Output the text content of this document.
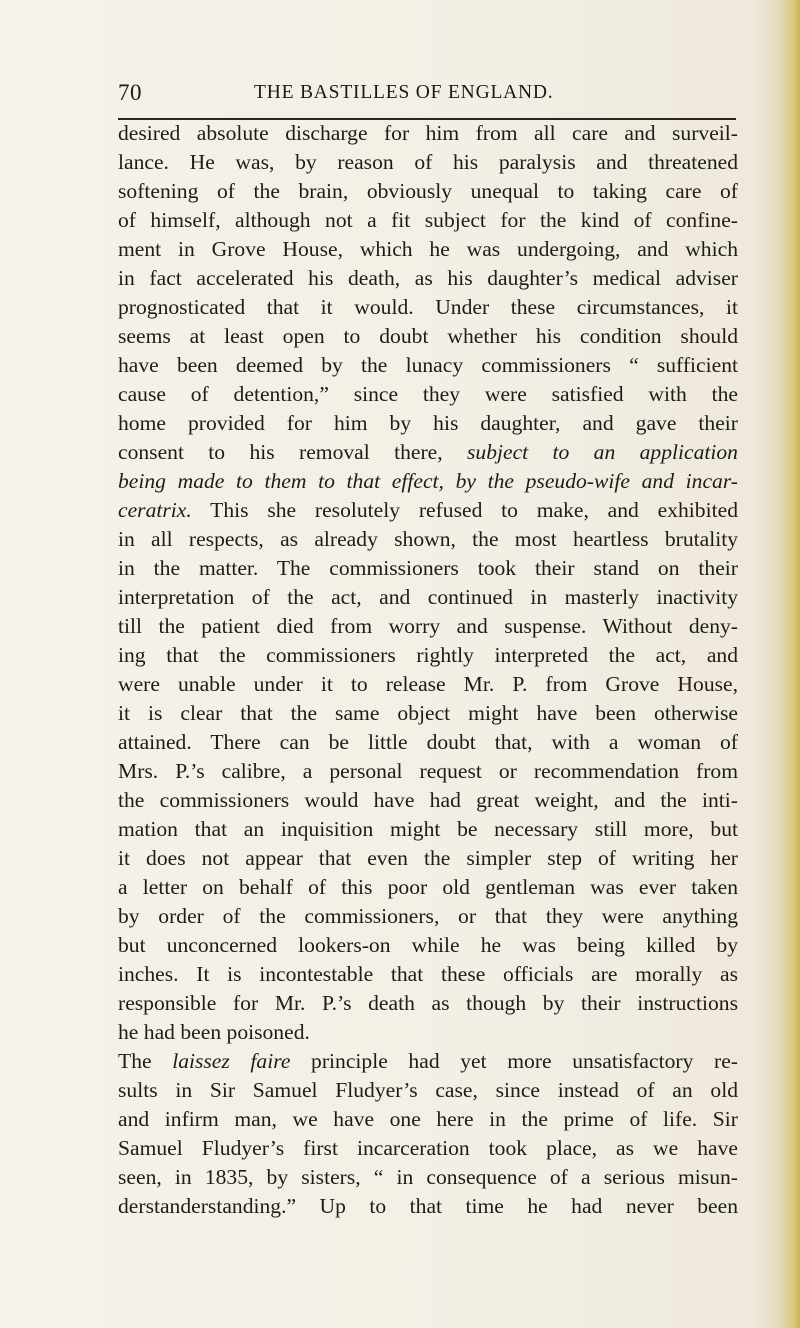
70	THE BASTILLES OF ENGLAND.
desired absolute discharge for him from all care and surveil-
lance. He was, by reason of his paralysis and threatened
softening of the brain, obviously unequal to taking care of
of himself, although not a fit subject for the kind of confine-
ment in Grove House, which he was undergoing, and which
in fact accelerated his death, as his daughter’s medical adviser
prognosticated that it would. Under these circumstances, it
seems at least open to doubt whether his condition should
have been deemed by the lunacy commissioners “ sufficient
cause of detention,” since they were satisfied with the
home provided for him by his daughter, and gave their
consent to his removal there, subject to an application
being made to them to that effect, by the pseudo-wife and incar-
ceratrix. This she resolutely refused to make, and exhibited
in all respects, as already shown, the most heartless brutality
in the matter. The commissioners took their stand on their
interpretation of the act, and continued in masterly inactivity
till the patient died from worry and suspense. Without deny-
ing that the commissioners rightly interpreted the act, and
were unable under it to release Mr. P. from Grove House,
it is clear that the same object might have been otherwise
attained. There can be little doubt that, with a woman of
Mrs. P.’s calibre, a personal request or recommendation from
the commissioners would have had great weight, and the inti-
mation that an inquisition might be necessary still more, but
it does not appear that even the simpler step of writing her
a letter on behalf of this poor old gentleman was ever taken
by order of the commissioners, or that they were anything
but unconcerned lookers-on while he was being killed by
inches. It is incontestable that these officials are morally as
responsible for Mr. P.’s death as though by their instructions
he had been poisoned.
The laissez faire principle had yet more unsatisfactory re-
sults in Sir Samuel Fludyer’s case, since instead of an old
and infirm man, we have one here in the prime of life. Sir
Samuel Fludyer’s first incarceration took place, as we have
seen, in 1835, by sisters, “ in consequence of a serious misun-
derstanderstanding.” Up to that time he had never been
